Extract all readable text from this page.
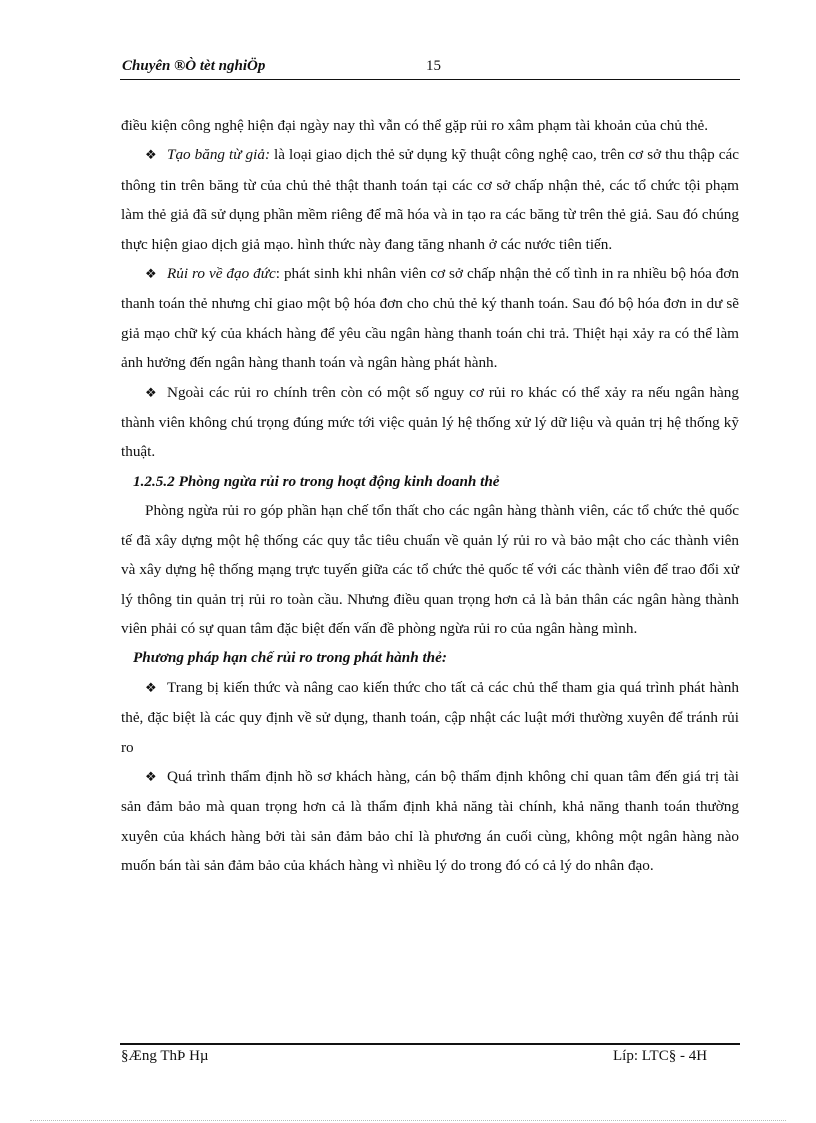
Chuyên ®Ò tèt nghiÖp	15

điều kiện công nghệ hiện đại ngày nay thì vẫn có thể gặp rủi ro xâm phạm tài khoản của chủ thẻ.

❖ Tạo băng từ giả: là loại giao dịch thẻ sử dụng kỹ thuật công nghệ cao, trên cơ sở thu thập các thông tin trên băng từ của chủ thẻ thật thanh toán tại các cơ sở chấp nhận thẻ, các tổ chức tội phạm làm thẻ giả đã sử dụng phần mềm riêng để mã hóa và in tạo ra các băng từ trên thẻ giả. Sau đó chúng thực hiện giao dịch giả mạo. hình thức này đang tăng nhanh ở các nước tiên tiến.

❖ Rủi ro về đạo đức: phát sinh khi nhân viên cơ sở chấp nhận thẻ cố tình in ra nhiều bộ hóa đơn thanh toán thẻ nhưng chỉ giao một bộ hóa đơn cho chủ thẻ ký thanh toán. Sau đó bộ hóa đơn in dư sẽ giả mạo chữ ký của khách hàng để yêu cầu ngân hàng thanh toán chi trả. Thiệt hại xảy ra có thể làm ảnh hưởng đến ngân hàng thanh toán và ngân hàng phát hành.

❖ Ngoài các rủi ro chính trên còn có một số nguy cơ rủi ro khác có thể xảy ra nếu ngân hàng thành viên không chú trọng đúng mức tới việc quản lý hệ thống xử lý dữ liệu và quản trị hệ thống kỹ thuật.

1.2.5.2 Phòng ngừa rủi ro trong hoạt động kinh doanh thẻ

Phòng ngừa rủi ro góp phần hạn chế tổn thất cho các ngân hàng thành viên, các tổ chức thẻ quốc tế đã xây dựng một hệ thống các quy tắc tiêu chuẩn về quản lý rủi ro và bảo mật cho các thành viên và xây dựng hệ thống mạng trực tuyến giữa các tổ chức thẻ quốc tế với các thành viên để trao đổi xử lý thông tin quản trị rủi ro toàn cầu. Nhưng điều quan trọng hơn cả là bản thân các ngân hàng thành viên phải có sự quan tâm đặc biệt đến vấn đề phòng ngừa rủi ro của ngân hàng mình.

Phương pháp hạn chế rủi ro trong phát hành thẻ:

❖ Trang bị kiến thức và nâng cao kiến thức cho tất cả các chủ thể tham gia quá trình phát hành thẻ, đặc biệt là các quy định về sử dụng, thanh toán, cập nhật các luật mới thường xuyên để tránh rủi ro

❖ Quá trình thẩm định hồ sơ khách hàng, cán bộ thẩm định không chỉ quan tâm đến giá trị tài sản đảm bảo mà quan trọng hơn cả là thẩm định khả năng tài chính, khả năng thanh toán thường xuyên của khách hàng bởi tài sản đảm bảo chỉ là phương án cuối cùng, không một ngân hàng nào muốn bán tài sản đảm bảo của khách hàng vì nhiều lý do trong đó có cả lý do nhân đạo.

§Æng ThÞ Hµ	Líp: LTC§ - 4H
